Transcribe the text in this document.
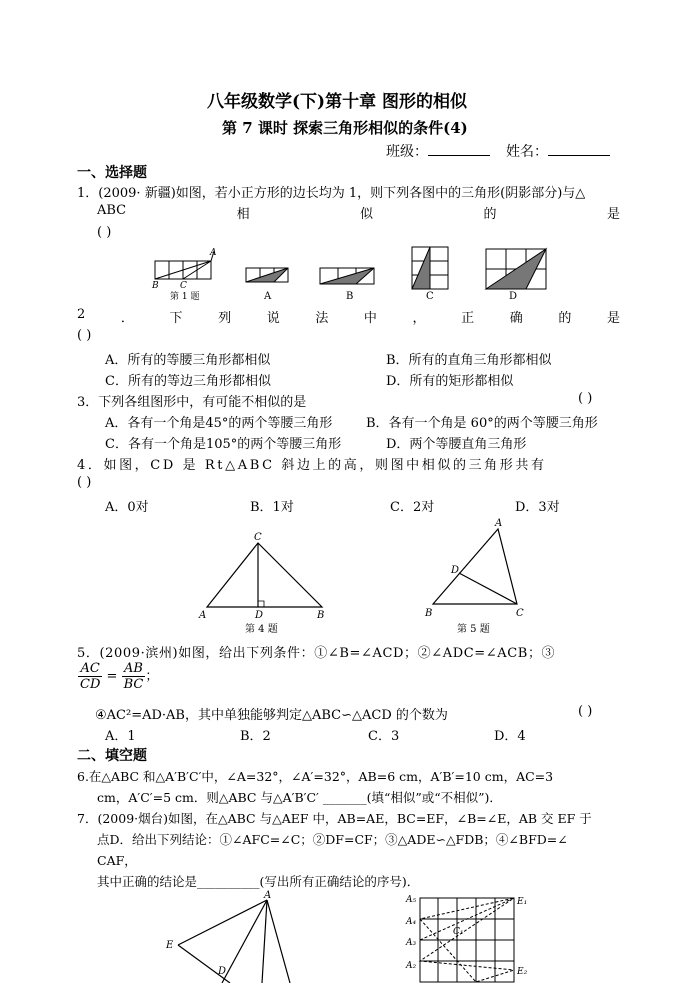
八年级数学(下)第十章 图形的相似
第 7 课时 探索三角形相似的条件(4)
班级：	姓名：
一、选择题
1．(2009· 新疆)如图，若小正方形的边长均为 1，则下列各图中的三角形(阴影部分)与△
ABC	相	似	的	是
( )
A
B C
第 1 题	A	B	C	D
2	．	下	列	说	法	中	，	正	确	的	是
( )
A．所有的等腰三角形都相似	B．所有的直角三角形都相似
C．所有的等边三角形都相似	D．所有的矩形都相似
3．下列各组图形中，有可能不相似的是	( )
A．各有一个角是45°的两个等腰三角形	B．各有一个角是 60°的两个等腰三角形
C．各有一个角是105°的两个等腰三角形	D．两个等腰直角三角形
4．如图，CD 是 Rt△ABC 斜边上的高，则图中相似的三角形共有
( )
A．0对	B．1对	C．2对	D．3对
C
A	D	B
第 4 题
A
D
B	C
第 5 题
5．(2009·滨州)如图，给出下列条件：①∠B=∠ACD；②∠ADC=∠ACB；③
$\frac{AC}{CD} = \frac{AB}{BC}$ ；
④AC²=AD·AB，其中单独能够判定△ABC∽△ACD 的个数为	( )
A．1	B．2	C．3	D．4
二、填空题
6.在△ABC 和△A′B′C′中，∠A=32°，∠A′=32°，AB=6 cm，A′B′=10 cm，AC=3
cm，A′C′=5 cm．则△ABC 与△A′B′C′ _______(填“相似”或“不相似”)．
7．(2009·烟台)如图，在△ABC 与△AEF 中，AB=AE，BC=EF，∠B=∠E，AB 交 EF 于
点D．给出下列结论：①∠AFC=∠C；②DF=CF；③△ADE∽△FDB；④∠BFD=∠
CAF，
其中正确的结论是__________(写出所有正确结论的序号)．
A
E
D
A₅
A₄
A₃
A₂
C₁
E₁
E₂
